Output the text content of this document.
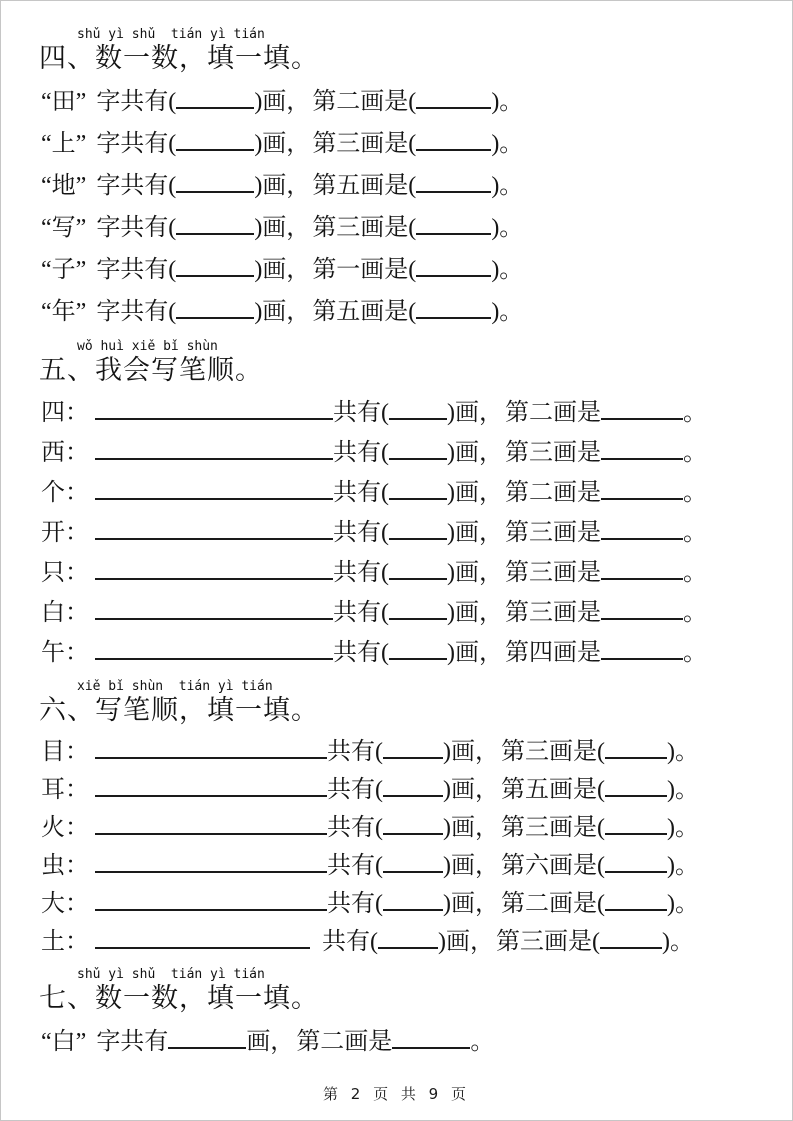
shǔ yì shǔ  tián yì tián
四、数一数，填一填。
“田” 字共有(	)画，第二画是(	)。
“上” 字共有(	)画，第三画是(	)。
“地” 字共有(	)画，第五画是(	)。
“写” 字共有(	)画，第三画是(	)。
“子” 字共有(	)画，第一画是(	)。
“年” 字共有(	)画，第五画是(	)。
wǒ huì xiě bǐ shùn
五、我会写笔顺。
四：	共有( )画，第二画是	。
西：	共有( )画，第三画是	。
个：	共有( )画，第二画是	。
开：	共有( )画，第三画是	。
只：	共有( )画，第三画是	。
白：	共有( )画，第三画是	。
午：	共有( )画，第四画是	。
xiě bǐ shùn  tián yì tián
六、写笔顺，填一填。
目：	共有(	)画，第三画是(	)。
耳：	共有(	)画，第五画是(	)。
火：	共有(	)画，第三画是(	)。
虫：	共有(	)画，第六画是(	)。
大：	共有(	)画，第二画是(	)。
土：	共有(	)画，第三画是(	)。
shǔ yì shǔ  tián yì tián
七、数一数，填一填。
“白” 字共有	画，第二画是	。
第 2 页 共 9 页
